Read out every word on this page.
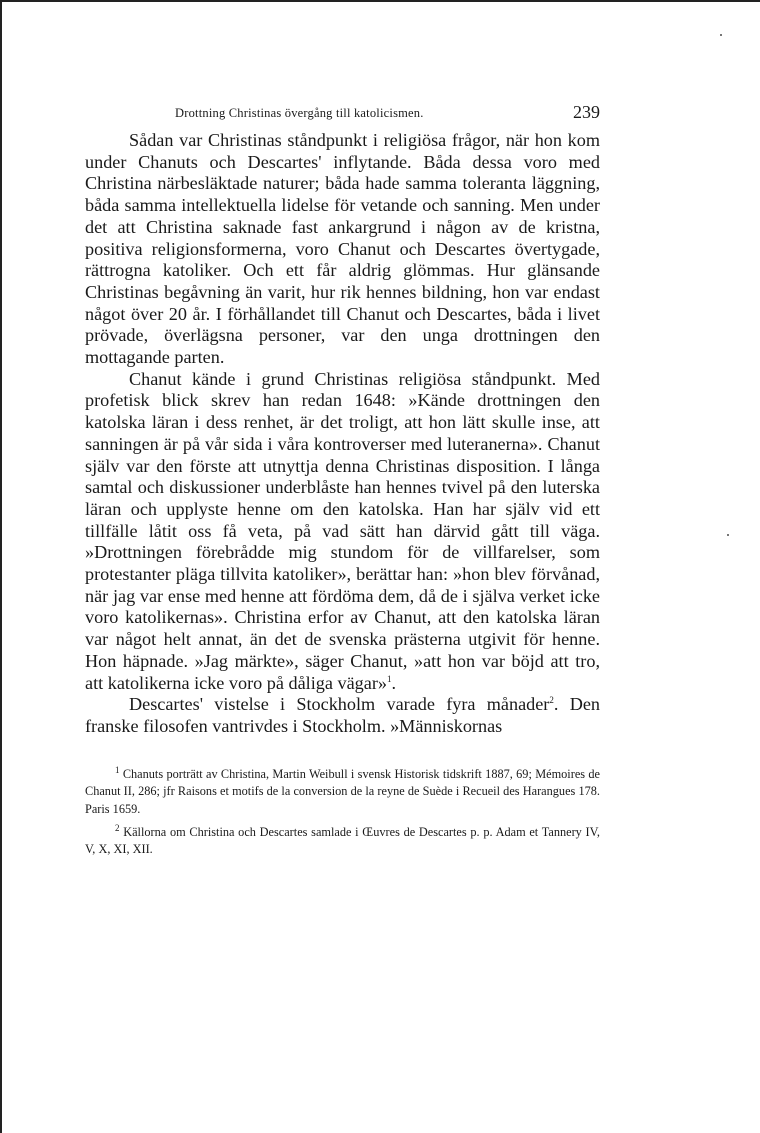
Drottning Christinas övergång till katolicismen.	239

Sådan var Christinas ståndpunkt i religiösa frågor, när hon kom under Chanuts och Descartes' inflytande. Båda dessa voro med Christina närbesläktade naturer; båda hade samma toleranta läggning, båda samma intellektuella lidelse för vetande och sanning. Men under det att Christina saknade fast ankargrund i någon av de kristna, positiva religionsformerna, voro Chanut och Descartes övertygade, rättrogna katoliker. Och ett får aldrig glömmas. Hur glänsande Christinas begåvning än varit, hur rik hennes bildning, hon var endast något över 20 år. I förhållandet till Chanut och Descartes, båda i livet prövade, överlägsna personer, var den unga drottningen den mottagande parten.

Chanut kände i grund Christinas religiösa ståndpunkt. Med profetisk blick skrev han redan 1648: »Kände drottningen den katolska läran i dess renhet, är det troligt, att hon lätt skulle inse, att sanningen är på vår sida i våra kontroverser med luteranerna». Chanut själv var den förste att utnyttja denna Christinas disposition. I långa samtal och diskussioner underblåste han hennes tvivel på den luterska läran och upplyste henne om den katolska. Han har själv vid ett tillfälle låtit oss få veta, på vad sätt han därvid gått till väga. »Drottningen förebrådde mig stundom för de villfarelser, som protestanter pläga tillvita katoliker», berättar han: »hon blev förvånad, när jag var ense med henne att fördöma dem, då de i själva verket icke voro katolikernas». Christina erfor av Chanut, att den katolska läran var något helt annat, än det de svenska prästerna utgivit för henne. Hon häpnade. »Jag märkte», säger Chanut, »att hon var böjd att tro, att katolikerna icke voro på dåliga vägar»$^1$.

Descartes' vistelse i Stockholm varade fyra månader$^2$. Den franske filosofen vantrivdes i Stockholm. »Människornas

$^1$ Chanuts porträtt av Christina, Martin Weibull i svensk Historisk tidskrift 1887, 69; Mémoires de Chanut II, 286; jfr Raisons et motifs de la conversion de la reyne de Suède i Recueil des Harangues 178. Paris 1659.

$^2$ Källorna om Christina och Descartes samlade i Œuvres de Descartes p. p. Adam et Tannery IV, V, X, XI, XII.
